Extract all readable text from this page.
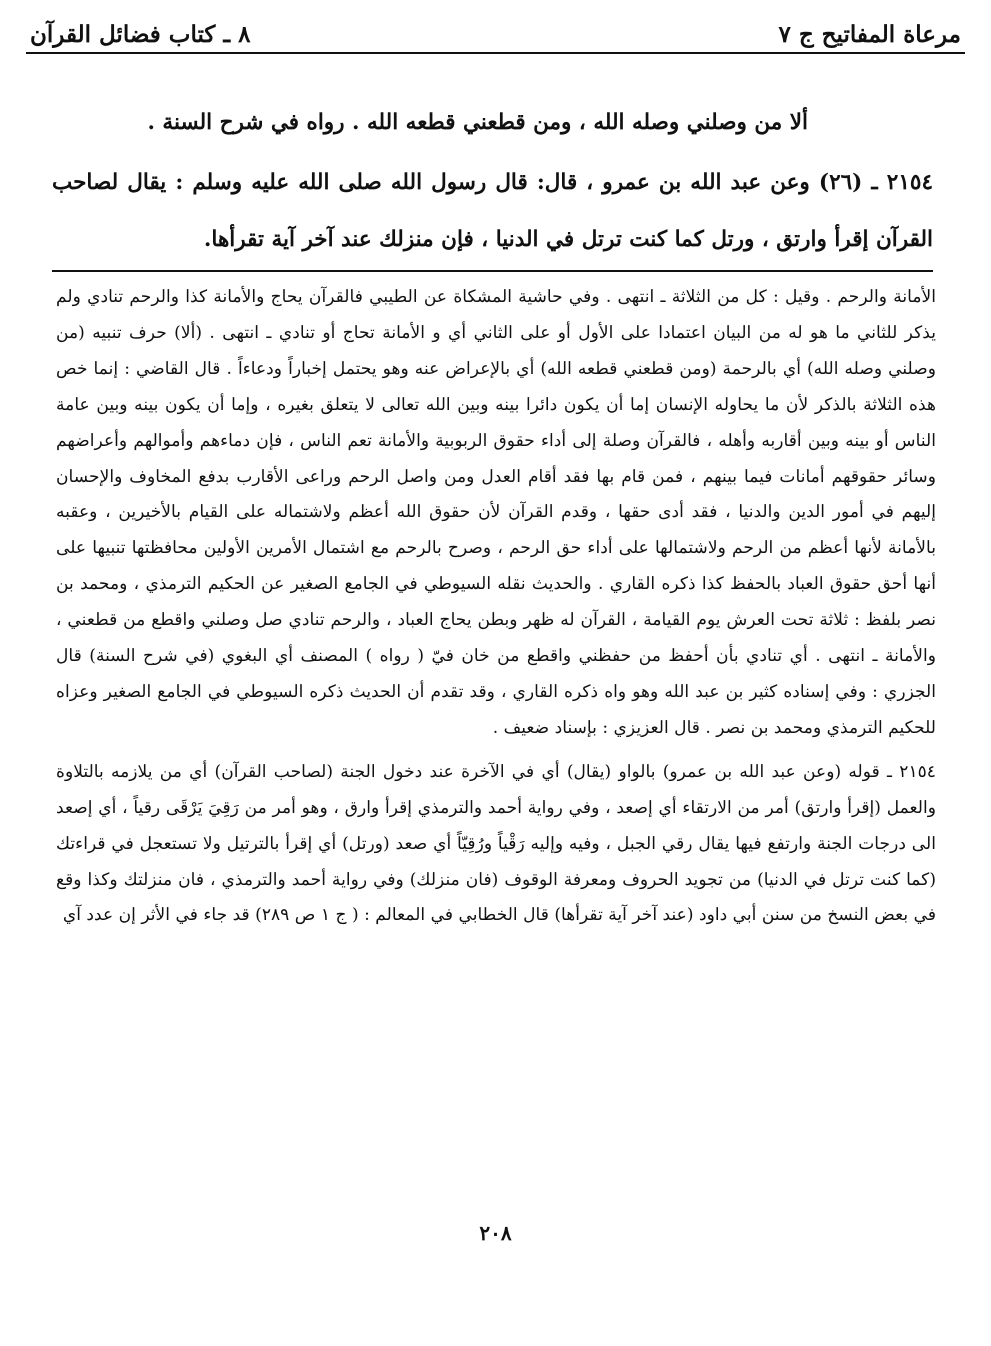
مرعاة المفاتيح ج ٧
٨ ـ كتاب فضائل القرآن

ألا من وصلني وصله الله ، ومن قطعني قطعه الله . رواه في شرح السنة .

٢١٥٤ ـ (٢٦) وعن عبد الله بن عمرو ، قال: قال رسول الله صلى الله عليه وسلم : يقال لصاحب القرآن إقرأ وارتق ، ورتل كما كنت ترتل في الدنيا ، فإن منزلك عند آخر آية تقرأها.

الأمانة والرحم . وقيل : كل من الثلاثة ـ انتهى . وفي حاشية المشكاة عن الطيبي فالقرآن يحاج والأمانة كذا والرحم تنادي ولم يذكر للثاني ما هو له من البيان اعتمادا على الأول أو على الثاني أي و الأمانة تحاج أو تنادي ـ انتهى . (ألا) حرف تنبيه (من وصلني وصله الله) أي بالرحمة (ومن قطعني قطعه الله) أي بالإعراض عنه وهو يحتمل إخباراً ودعاءاً . قال القاضي : إنما خص هذه الثلاثة بالذكر لأن ما يحاوله الإنسان إما أن يكون دائرا بينه وبين الله تعالى لا يتعلق بغيره ، وإما أن يكون بينه وبين عامة الناس أو بينه وبين أقاربه وأهله ، فالقرآن وصلة إلى أداء حقوق الربوبية والأمانة تعم الناس ، فإن دماءهم وأموالهم وأعراضهم وسائر حقوقهم أمانات فيما بينهم ، فمن قام بها فقد أقام العدل ومن واصل الرحم وراعى الأقارب بدفع المخاوف والإحسان إليهم في أمور الدين والدنيا ، فقد أدى حقها ، وقدم القرآن لأن حقوق الله أعظم ولاشتماله على القيام بالأخيرين ، وعقبه بالأمانة لأنها أعظم من الرحم ولاشتمالها على أداء حق الرحم ، وصرح بالرحم مع اشتمال الأمرين الأولين محافظتها تنبيها على أنها أحق حقوق العباد بالحفظ كذا ذكره القاري . والحديث نقله السيوطي في الجامع الصغير عن الحكيم الترمذي ، ومحمد بن نصر بلفظ : ثلاثة تحت العرش يوم القيامة ، القرآن له ظهر وبطن يحاج العباد ، والرحم تنادي صل وصلني واقطع من قطعني ، والأمانة ـ انتهى . أي تنادي بأن أحفظ من حفظني واقطع من خان فيّ ( رواه ) المصنف أي البغوي (في شرح السنة) قال الجزري : وفي إسناده كثير بن عبد الله وهو واه ذكره القاري ، وقد تقدم أن الحديث ذكره السيوطي في الجامع الصغير وعزاه للحكيم الترمذي ومحمد بن نصر . قال العزيزي : بإسناد ضعيف .

٢١٥٤ ـ قوله (وعن عبد الله بن عمرو) بالواو (يقال) أي في الآخرة عند دخول الجنة (لصاحب القرآن) أي من يلازمه بالتلاوة والعمل (إقرأ وارتق) أمر من الارتقاء أي إصعد ، وفي رواية أحمد والترمذي إقرأ وارق ، وهو أمر من رَقِيَ يَرْقَى رقياً ، أي إصعد الى درجات الجنة وارتفع فيها يقال رقي الجبل ، وفيه وإليه رَقْياً ورُقِيّاً أي صعد (ورتل) أي إقرأ بالترتيل ولا تستعجل في قراءتك (كما كنت ترتل في الدنيا) من تجويد الحروف ومعرفة الوقوف (فان منزلك) وفي رواية أحمد والترمذي ، فان منزلتك وكذا وقع في بعض النسخ من سنن أبي داود (عند آخر آية تقرأها) قال الخطابي في المعالم : ( ج ١ ص ٢٨٩) قد جاء في الأثر إن عدد آي

٢٠٨
